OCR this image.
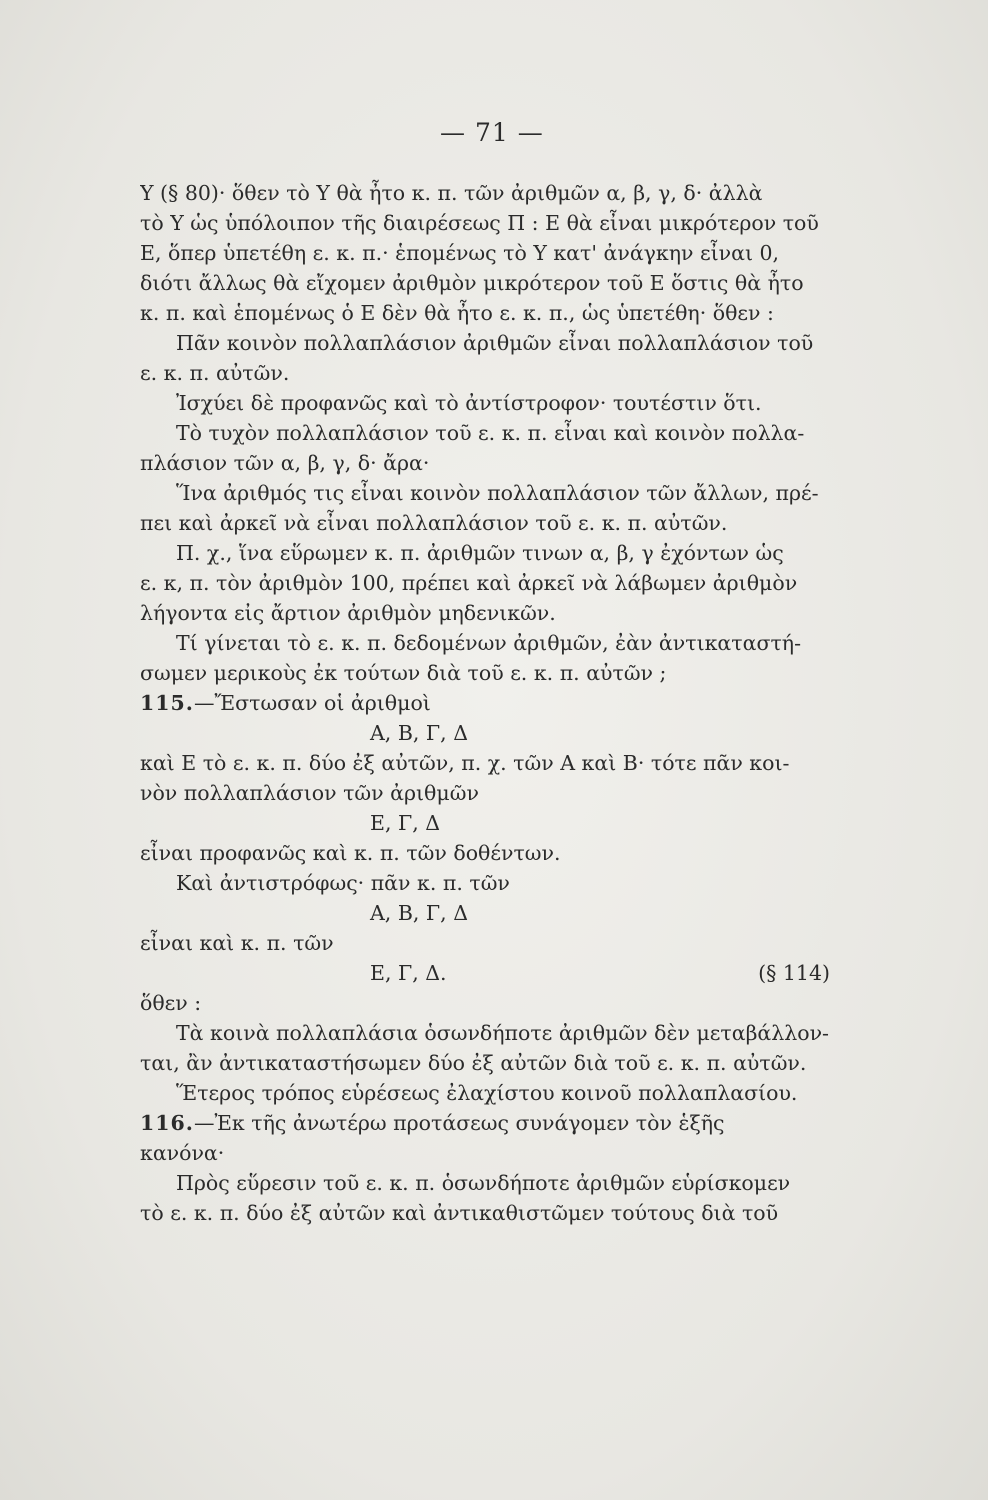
— 71 —
Υ (§ 80)· ὅθεν τὸ Υ θὰ ἦτο κ. π. τῶν ἀριθμῶν α, β, γ, δ· ἀλλὰ
τὸ Υ ὡς ὑπόλοιπον τῆς διαιρέσεως Π : Ε θὰ εἶναι μικρότερον τοῦ
Ε, ὅπερ ὑπετέθη ε. κ. π.· ἑπομένως τὸ Υ κατ' ἀνάγκην εἶναι 0,
διότι ἄλλως θὰ εἴχομεν ἀριθμὸν μικρότερον τοῦ Ε ὅστις θὰ ἦτο
κ. π. καὶ ἑπομένως ὁ Ε δὲν θὰ ἦτο ε. κ. π., ὡς ὑπετέθη· ὅθεν :
Πᾶν κοινὸν πολλαπλάσιον ἀριθμῶν εἶναι πολλαπλάσιον τοῦ
ε. κ. π. αὐτῶν.
Ἰσχύει δὲ προφανῶς καὶ τὸ ἀντίστροφον· τουτέστιν ὅτι.
Τὸ τυχὸν πολλαπλάσιον τοῦ ε. κ. π. εἶναι καὶ κοινὸν πολλα-
πλάσιον τῶν α, β, γ, δ· ἄρα·
Ἵνα ἀριθμός τις εἶναι κοινὸν πολλαπλάσιον τῶν ἄλλων, πρέ-
πει καὶ ἀρκεῖ νὰ εἶναι πολλαπλάσιον τοῦ ε. κ. π. αὐτῶν.
Π. χ., ἵνα εὕρωμεν κ. π. ἀριθμῶν τινων α, β, γ ἐχόντων ὡς
ε. κ, π. τὸν ἀριθμὸν 100, πρέπει καὶ ἀρκεῖ νὰ λάβωμεν ἀριθμὸν
λήγοντα εἰς ἄρτιον ἀριθμὸν μηδενικῶν.
Τί γίνεται τὸ ε. κ. π. δεδομένων ἀριθμῶν, ἐὰν ἀντικαταστή-
σωμεν μερικοὺς ἐκ τούτων διὰ τοῦ ε. κ. π. αὐτῶν ;
115.—Ἔστωσαν οἱ ἀριθμοὶ
Α, Β, Γ, Δ
καὶ Ε τὸ ε. κ. π. δύο ἐξ αὐτῶν, π. χ. τῶν Α καὶ Β· τότε πᾶν κοι-
νὸν πολλαπλάσιον τῶν ἀριθμῶν
Ε, Γ, Δ
εἶναι προφανῶς καὶ κ. π. τῶν δοθέντων.
Καὶ ἀντιστρόφως· πᾶν κ. π. τῶν
Α, Β, Γ, Δ
εἶναι καὶ κ. π. τῶν
Ε, Γ, Δ.	(§ 114)
ὅθεν :
Τὰ κοινὰ πολλαπλάσια ὁσωνδήποτε ἀριθμῶν δὲν μεταβάλλον-
ται, ἂν ἀντικαταστήσωμεν δύο ἐξ αὐτῶν διὰ τοῦ ε. κ. π. αὐτῶν.
Ἕτερος τρόπος εὑρέσεως ἐλαχίστου κοινοῦ πολλαπλασίου.
116.—Ἐκ τῆς ἀνωτέρω προτάσεως συνάγομεν τὸν ἑξῆς
κανόνα·
Πρὸς εὕρεσιν τοῦ ε. κ. π. ὁσωνδήποτε ἀριθμῶν εὑρίσκομεν
τὸ ε. κ. π. δύο ἐξ αὐτῶν καὶ ἀντικαθιστῶμεν τούτους διὰ τοῦ
